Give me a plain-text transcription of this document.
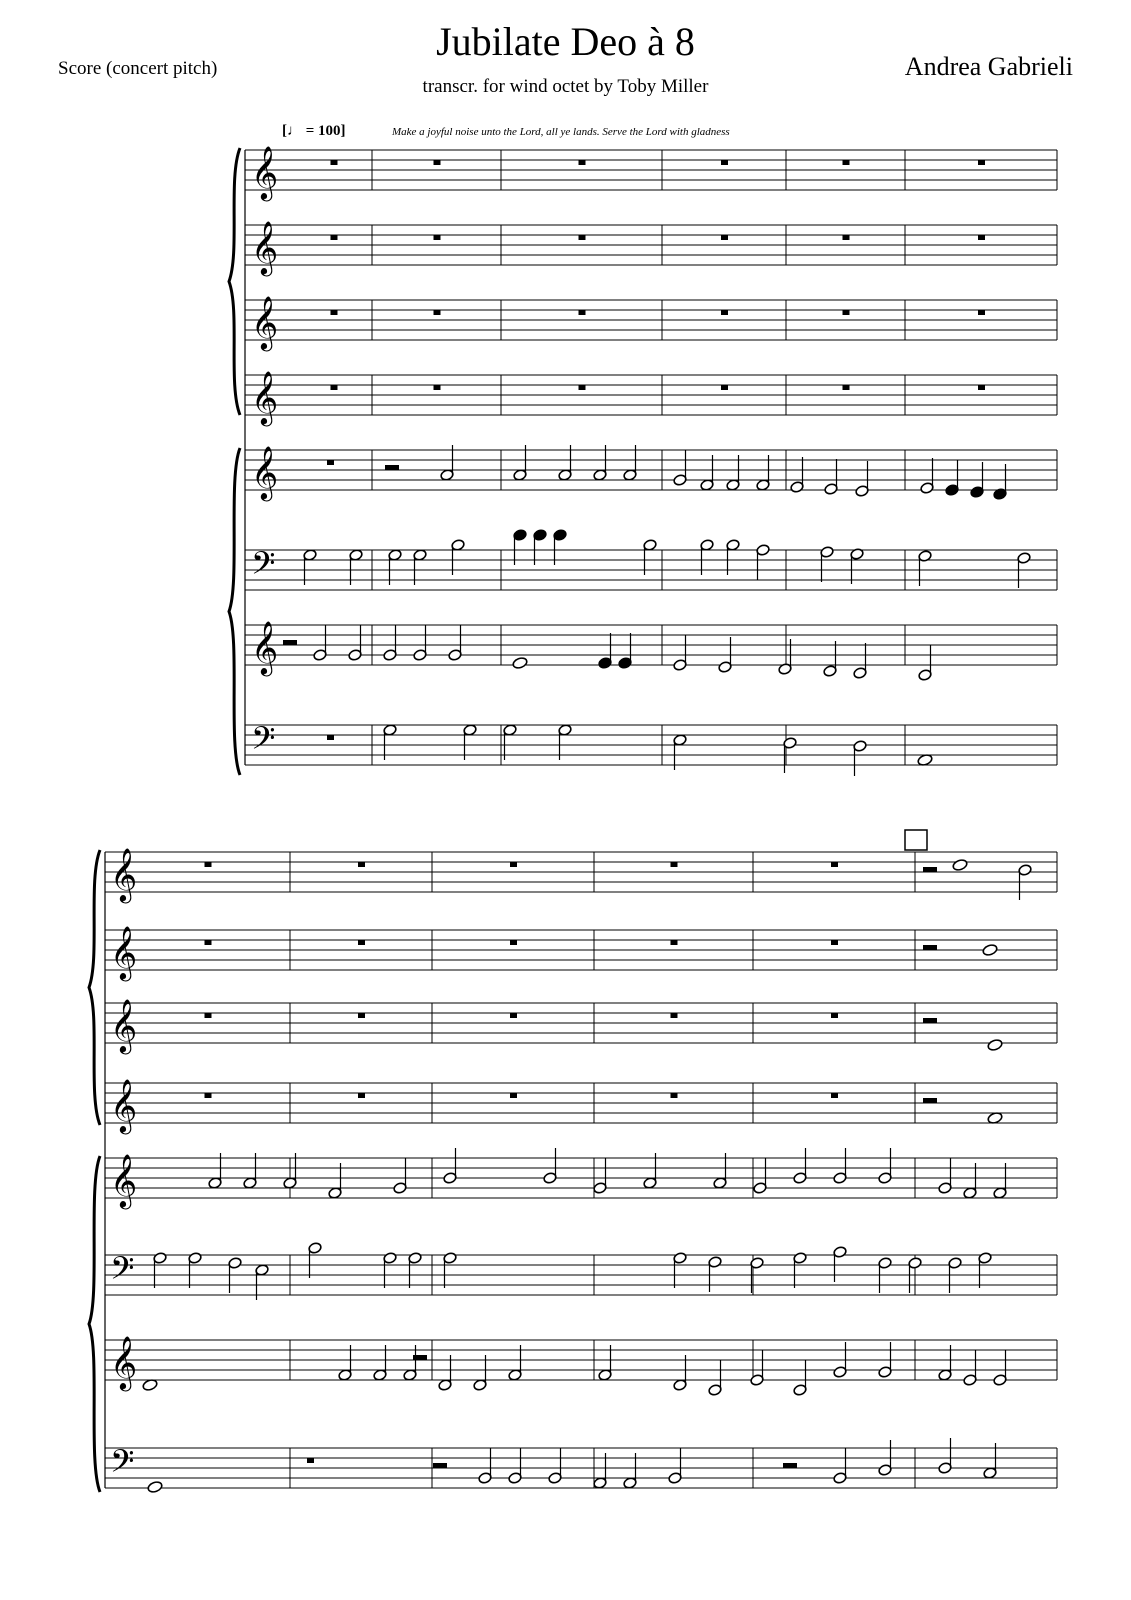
Score (concert pitch)
Jubilate Deo à 8
transcr. for wind octet by Toby Miller
Andrea Gabrieli
[♩ = 100]	Make a joyful noise unto the Lord, all ye lands. Serve the Lord with gladness
𝄞
𝄞
𝄞
𝄞
𝄞
𝄢
𝄞
𝄢
𝄞
𝄞
𝄞
𝄞
𝄞
𝄢
𝄞
𝄢
